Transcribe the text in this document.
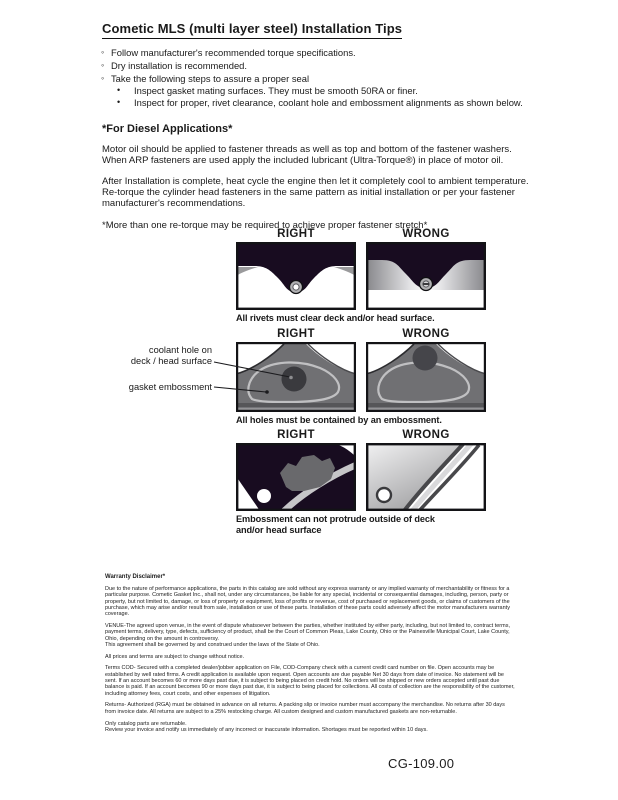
Cometic MLS (multi layer steel) Installation Tips
◦ Follow manufacturer's recommended torque specifications.
◦ Dry installation is recommended.
◦ Take the following steps to assure a proper seal
• Inspect gasket mating surfaces. They must be smooth 50RA or finer.
• Inspect for proper, rivet clearance, coolant hole and embossment alignments as shown below.
*For Diesel Applications*

Motor oil should be applied to fastener threads as well as top and bottom of the fastener washers. When ARP fasteners are used apply the included lubricant (Ultra-Torque®) in place of motor oil.

After Installation is complete, heat cycle the engine then let it completely cool to ambient temperature. Re-torque the cylinder head fasteners in the same pattern as initial installation or per your fastener manufacturer's recommendations.

*More than one re-torque may be required to achieve proper fastener stretch*

RIGHT	WRONG
All rivets must clear deck and/or head surface.
RIGHT	WRONG
All holes must be contained by an embossment.
coolant hole on
deck / head surface
gasket embossment
RIGHT	WRONG
Embossment can not protrude outside of deck
and/or head surface
Warranty Disclaimer*

Due to the nature of performance applications, the parts in this catalog are sold without any express warranty or any implied warranty of merchantability or fitness for a particular purpose. Cometic Gasket Inc., shall not, under any circumstances, be liable for any special, incidental or consequential damages, including, person, party or property, but not limited to, damage, or loss of property or equipment, loss of profits or revenue, cost of purchased or replacement goods, or claims of customers of the purchase, which may arise and/or result from sale, installation or use of these parts. Installation of these parts could adversely affect the motor manufacturers warranty coverage.

VENUE-The agreed upon venue, in the event of dispute whatsoever between the parties, whether instituted by either party, including, but not limited to, contract terms, payment terms, delivery, type, defects, sufficiency of product, shall be the Court of Common Pleas, Lake County, Ohio or the Painesville Municipal Court, Lake County, Ohio, depending on the amount in controversy.
This agreement shall be governed by and construed under the laws of the State of Ohio.

All prices and terms are subject to change without notice.

Terms COD- Secured with a completed dealer/jobber application on File, COD-Company check with a current credit card number on file. Open accounts may be established by well rated firms. A credit application is available upon request. Open accounts are due payable Net 30 days from date of invoice. No statement will be sent. If an account becomes 60 or more days past due, it is subject to being placed on credit hold. No orders will be shipped or new orders accepted until past due balance is paid. If an account becomes 90 or more days past due, it is subject to being placed for collections. All costs of collection are the responsibility of the customer, including attorney fees, court costs, and other expenses of litigation.

Returns- Authorized (RGA) must be obtained in advance on all returns. A packing slip or invoice number must accompany the merchandise. No returns after 30 days from invoice date. All returns are subject to a 25% restocking charge. All custom designed and custom manufactured gaskets are non-returnable.

Only catalog parts are returnable.
Review your invoice and notify us immediately of any incorrect or inaccurate information. Shortages must be reported within 10 days.

CG-109.00
